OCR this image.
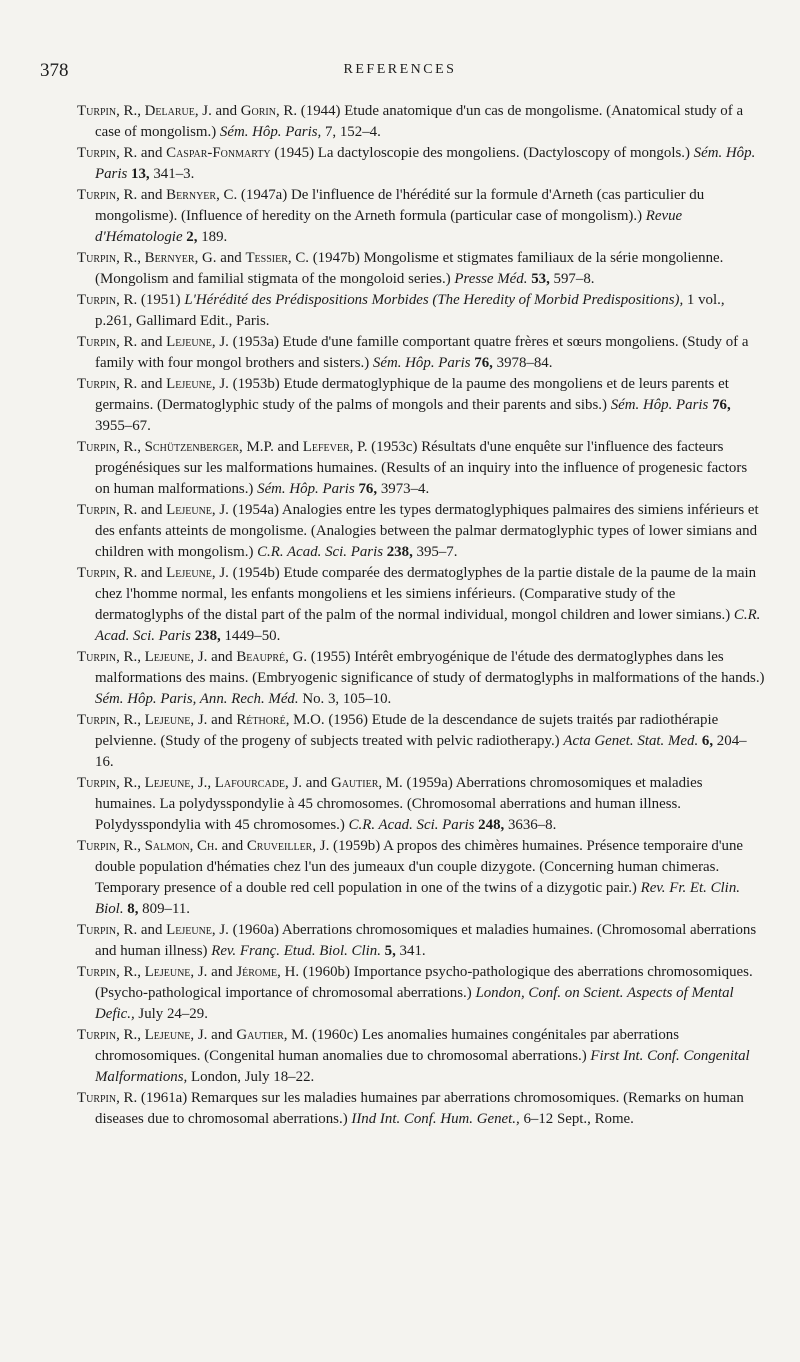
378	REFERENCES

Turpin, R., Delarue, J. and Gorin, R. (1944) Etude anatomique d'un cas de mongolisme. (Anatomical study of a case of mongolism.) Sém. Hôp. Paris, 7, 152–4.

Turpin, R. and Caspar-Fonmarty (1945) La dactyloscopie des mongoliens. (Dactyloscopy of mongols.) Sém. Hôp. Paris 13, 341–3.

Turpin, R. and Bernyer, C. (1947a) De l'influence de l'hérédité sur la formule d'Arneth (cas particulier du mongolisme). (Influence of heredity on the Arneth formula (particular case of mongolism).) Revue d'Hématologie 2, 189.

Turpin, R., Bernyer, G. and Tessier, C. (1947b) Mongolisme et stigmates familiaux de la série mongolienne. (Mongolism and familial stigmata of the mongoloid series.) Presse Méd. 53, 597–8.

Turpin, R. (1951) L'Hérédité des Prédispositions Morbides (The Heredity of Morbid Predispositions), 1 vol., p.261, Gallimard Edit., Paris.

Turpin, R. and Lejeune, J. (1953a) Etude d'une famille comportant quatre frères et sœurs mongoliens. (Study of a family with four mongol brothers and sisters.) Sém. Hôp. Paris 76, 3978–84.

Turpin, R. and Lejeune, J. (1953b) Etude dermatoglyphique de la paume des mongoliens et de leurs parents et germains. (Dermatoglyphic study of the palms of mongols and their parents and sibs.) Sém. Hôp. Paris 76, 3955–67.

Turpin, R., Schützenberger, M.P. and Lefever, P. (1953c) Résultats d'une enquête sur l'influence des facteurs progénésiques sur les malformations humaines. (Results of an inquiry into the influence of progenesic factors on human malformations.) Sém. Hôp. Paris 76, 3973–4.

Turpin, R. and Lejeune, J. (1954a) Analogies entre les types dermatoglyphiques palmaires des simiens inférieurs et des enfants atteints de mongolisme. (Analogies between the palmar dermatoglyphic types of lower simians and children with mongolism.) C.R. Acad. Sci. Paris 238, 395–7.

Turpin, R. and Lejeune, J. (1954b) Etude comparée des dermatoglyphes de la partie distale de la paume de la main chez l'homme normal, les enfants mongoliens et les simiens inférieurs. (Comparative study of the dermatoglyphs of the distal part of the palm of the normal individual, mongol children and lower simians.) C.R. Acad. Sci. Paris 238, 1449–50.

Turpin, R., Lejeune, J. and Beaupré, G. (1955) Intérêt embryogénique de l'étude des dermatoglyphes dans les malformations des mains. (Embryogenic significance of study of dermatoglyphs in malformations of the hands.) Sém. Hôp. Paris, Ann. Rech. Méd. No. 3, 105–10.

Turpin, R., Lejeune, J. and Réthoré, M.O. (1956) Etude de la descendance de sujets traités par radiothérapie pelvienne. (Study of the progeny of subjects treated with pelvic radiotherapy.) Acta Genet. Stat. Med. 6, 204–16.

Turpin, R., Lejeune, J., Lafourcade, J. and Gautier, M. (1959a) Aberrations chromosomiques et maladies humaines. La polydysspondylie à 45 chromosomes. (Chromosomal aberrations and human illness. Polydysspondylia with 45 chromosomes.) C.R. Acad. Sci. Paris 248, 3636–8.

Turpin, R., Salmon, Ch. and Cruveiller, J. (1959b) A propos des chimères humaines. Présence temporaire d'une double population d'hématies chez l'un des jumeaux d'un couple dizygote. (Concerning human chimeras. Temporary presence of a double red cell population in one of the twins of a dizygotic pair.) Rev. Fr. Et. Clin. Biol. 8, 809–11.

Turpin, R. and Lejeune, J. (1960a) Aberrations chromosomiques et maladies humaines. (Chromosomal aberrations and human illness) Rev. Franç. Etud. Biol. Clin. 5, 341.

Turpin, R., Lejeune, J. and Jérome, H. (1960b) Importance psycho-pathologique des aberrations chromosomiques. (Psycho-pathological importance of chromosomal aberrations.) London, Conf. on Scient. Aspects of Mental Defic., July 24–29.

Turpin, R., Lejeune, J. and Gautier, M. (1960c) Les anomalies humaines congénitales par aberrations chromosomiques. (Congenital human anomalies due to chromosomal aberrations.) First Int. Conf. Congenital Malformations, London, July 18–22.

Turpin, R. (1961a) Remarques sur les maladies humaines par aberrations chromosomiques. (Remarks on human diseases due to chromosomal aberrations.) IInd Int. Conf. Hum. Genet., 6–12 Sept., Rome.
